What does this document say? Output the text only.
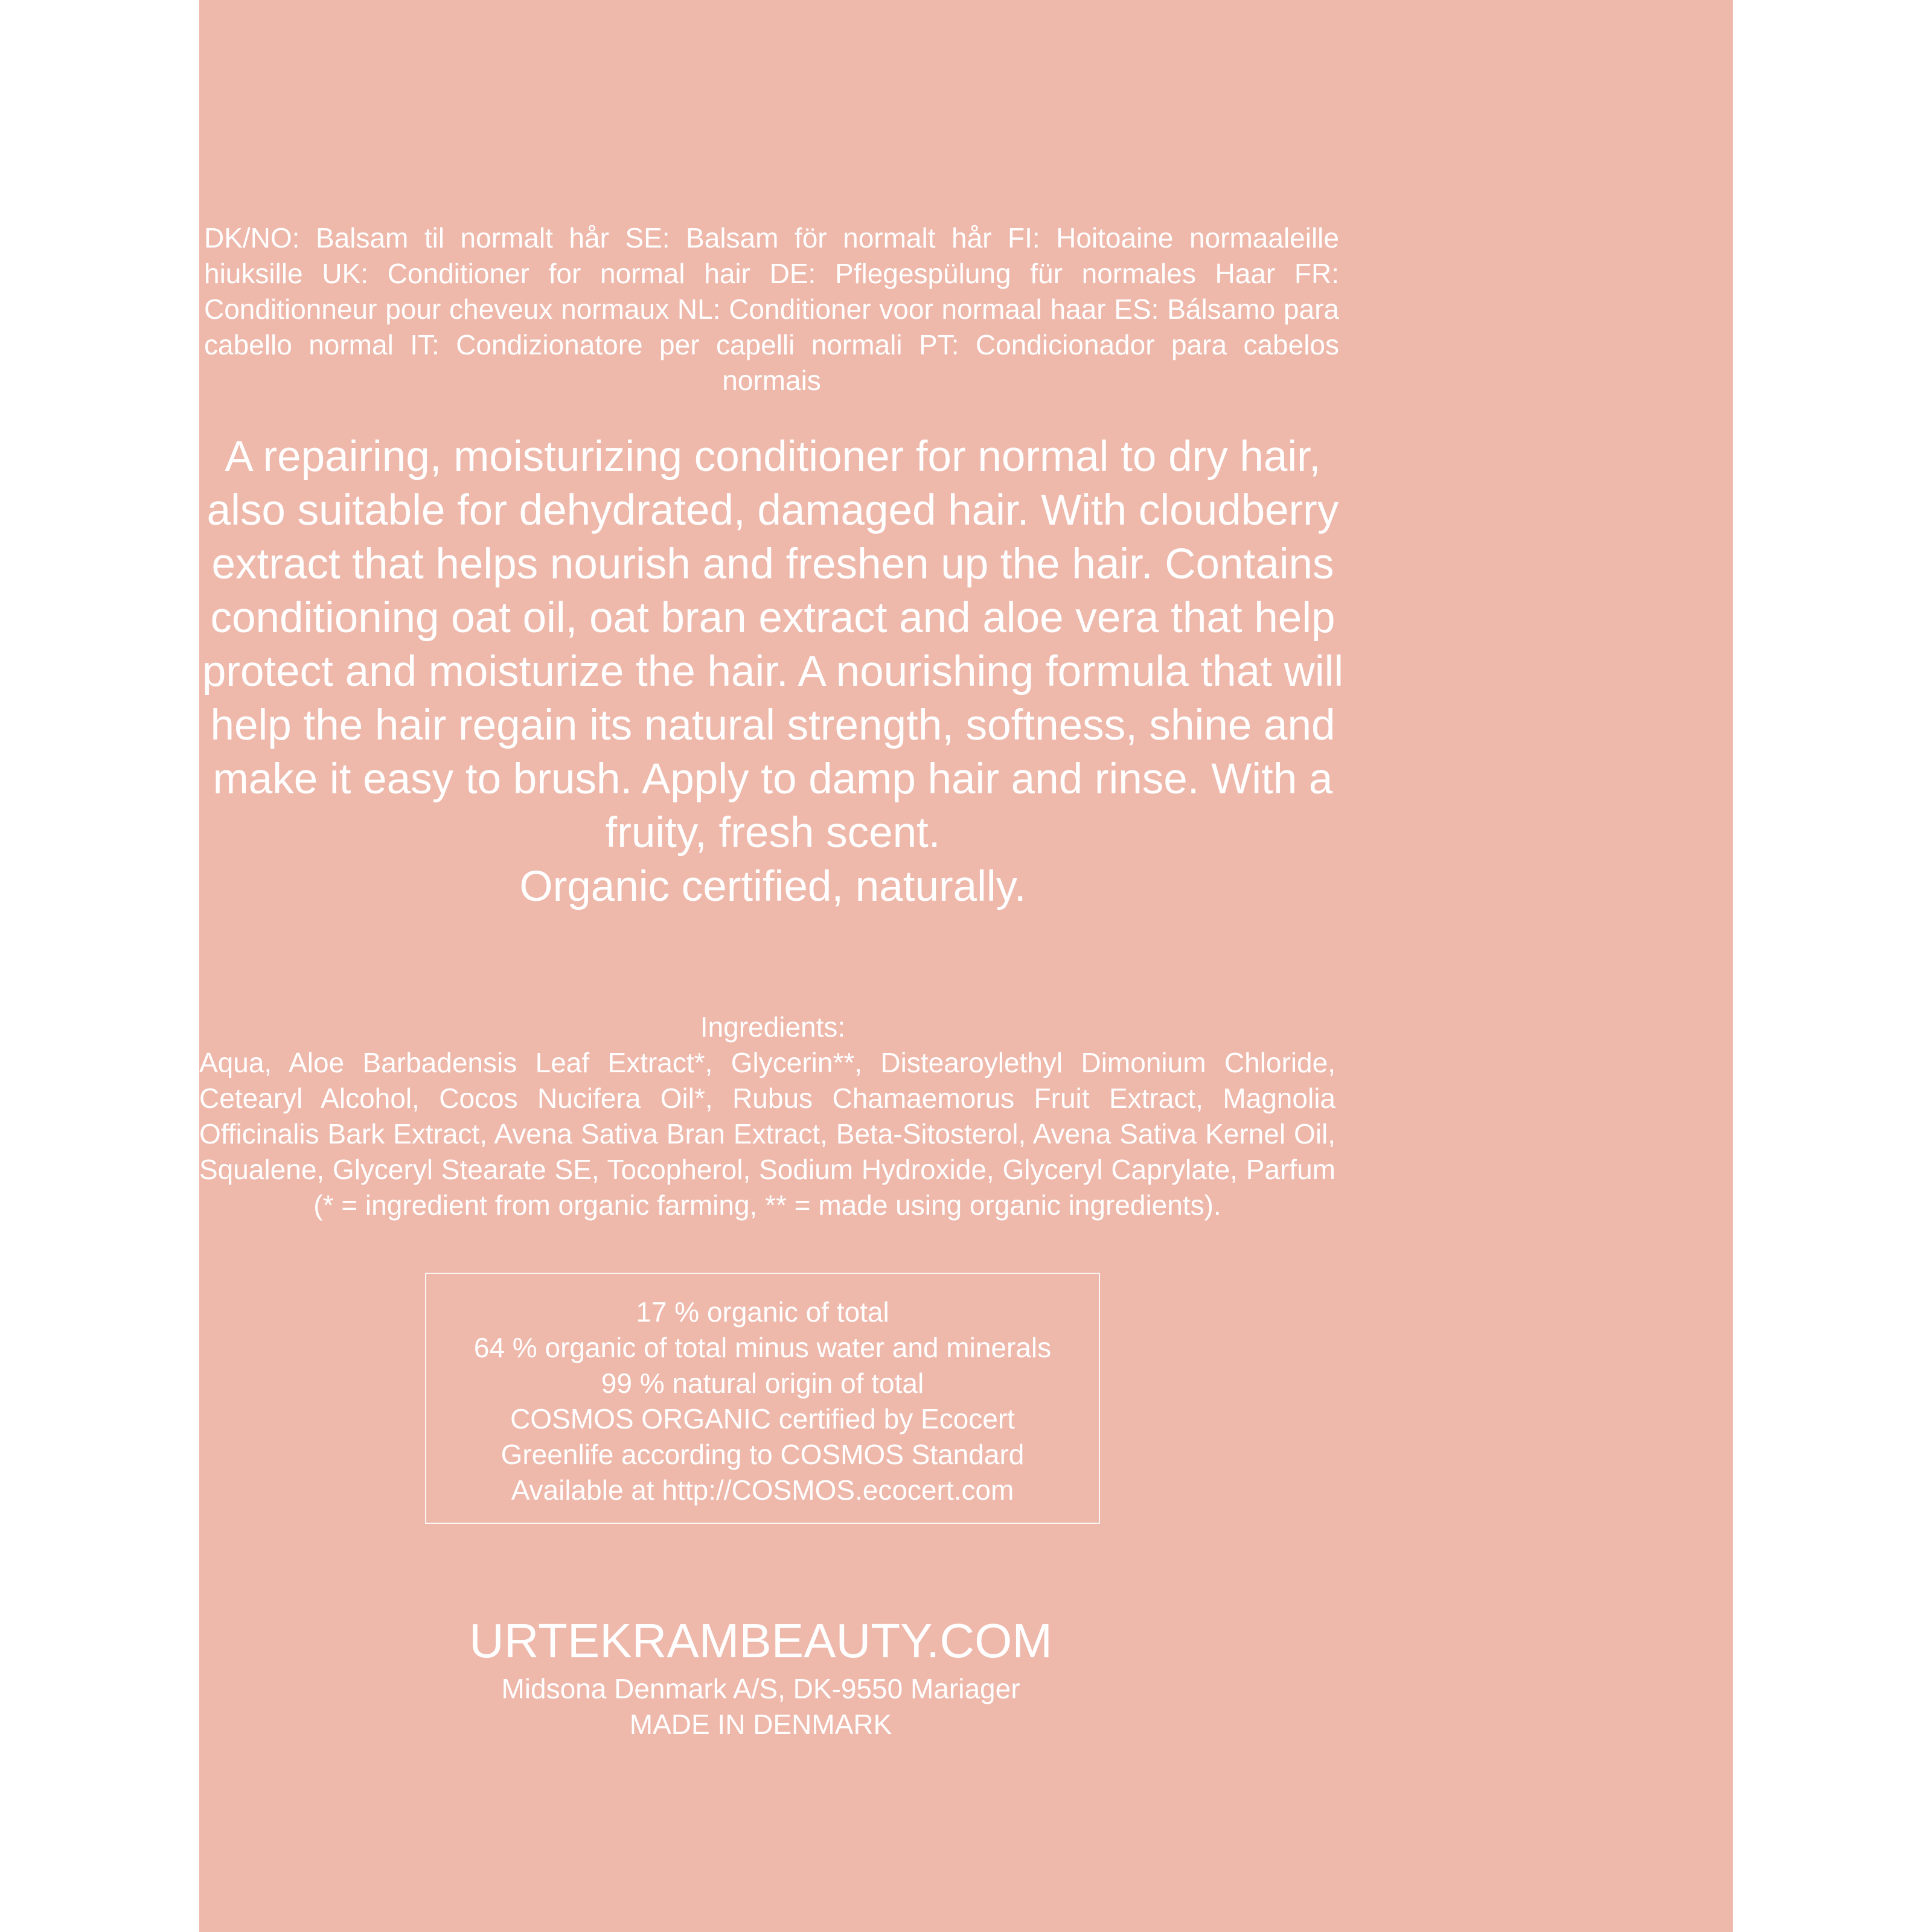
DK/NO: Balsam til normalt hår SE: Balsam för normalt hår FI: Hoitoaine normaaleille hiuksille UK: Conditioner for normal hair DE: Pflegespülung für normales Haar FR: Conditionneur pour cheveux normaux NL: Conditioner voor normaal haar ES: Bálsamo para cabello normal IT: Condizionatore per capelli normali PT: Condicionador para cabelos normais

A repairing, moisturizing conditioner for normal to dry hair, also suitable for dehydrated, damaged hair. With cloudberry extract that helps nourish and freshen up the hair. Contains conditioning oat oil, oat bran extract and aloe vera that help protect and moisturize the hair. A nourishing formula that will help the hair regain its natural strength, softness, shine and make it easy to brush. Apply to damp hair and rinse. With a fruity, fresh scent.

Organic certified, naturally.

Ingredients:
Aqua, Aloe Barbadensis Leaf Extract*, Glycerin**, Distearoylethyl Dimonium Chloride, Cetearyl Alcohol, Cocos Nucifera Oil*, Rubus Chamaemorus Fruit Extract, Magnolia Officinalis Bark Extract, Avena Sativa Bran Extract, Beta-Sitosterol, Avena Sativa Kernel Oil, Squalene, Glyceryl Stearate SE, Tocopherol, Sodium Hydroxide, Glyceryl Caprylate, Parfum (* = ingredient from organic farming, ** = made using organic ingredients).
17 % organic of total
64 % organic of total minus water and minerals
99 % natural origin of total
COSMOS ORGANIC certified by Ecocert
Greenlife according to COSMOS Standard
Available at http://COSMOS.ecocert.com
URTEKRAMBEAUTY.COM
Midsona Denmark A/S, DK-9550 Mariager
MADE IN DENMARK
